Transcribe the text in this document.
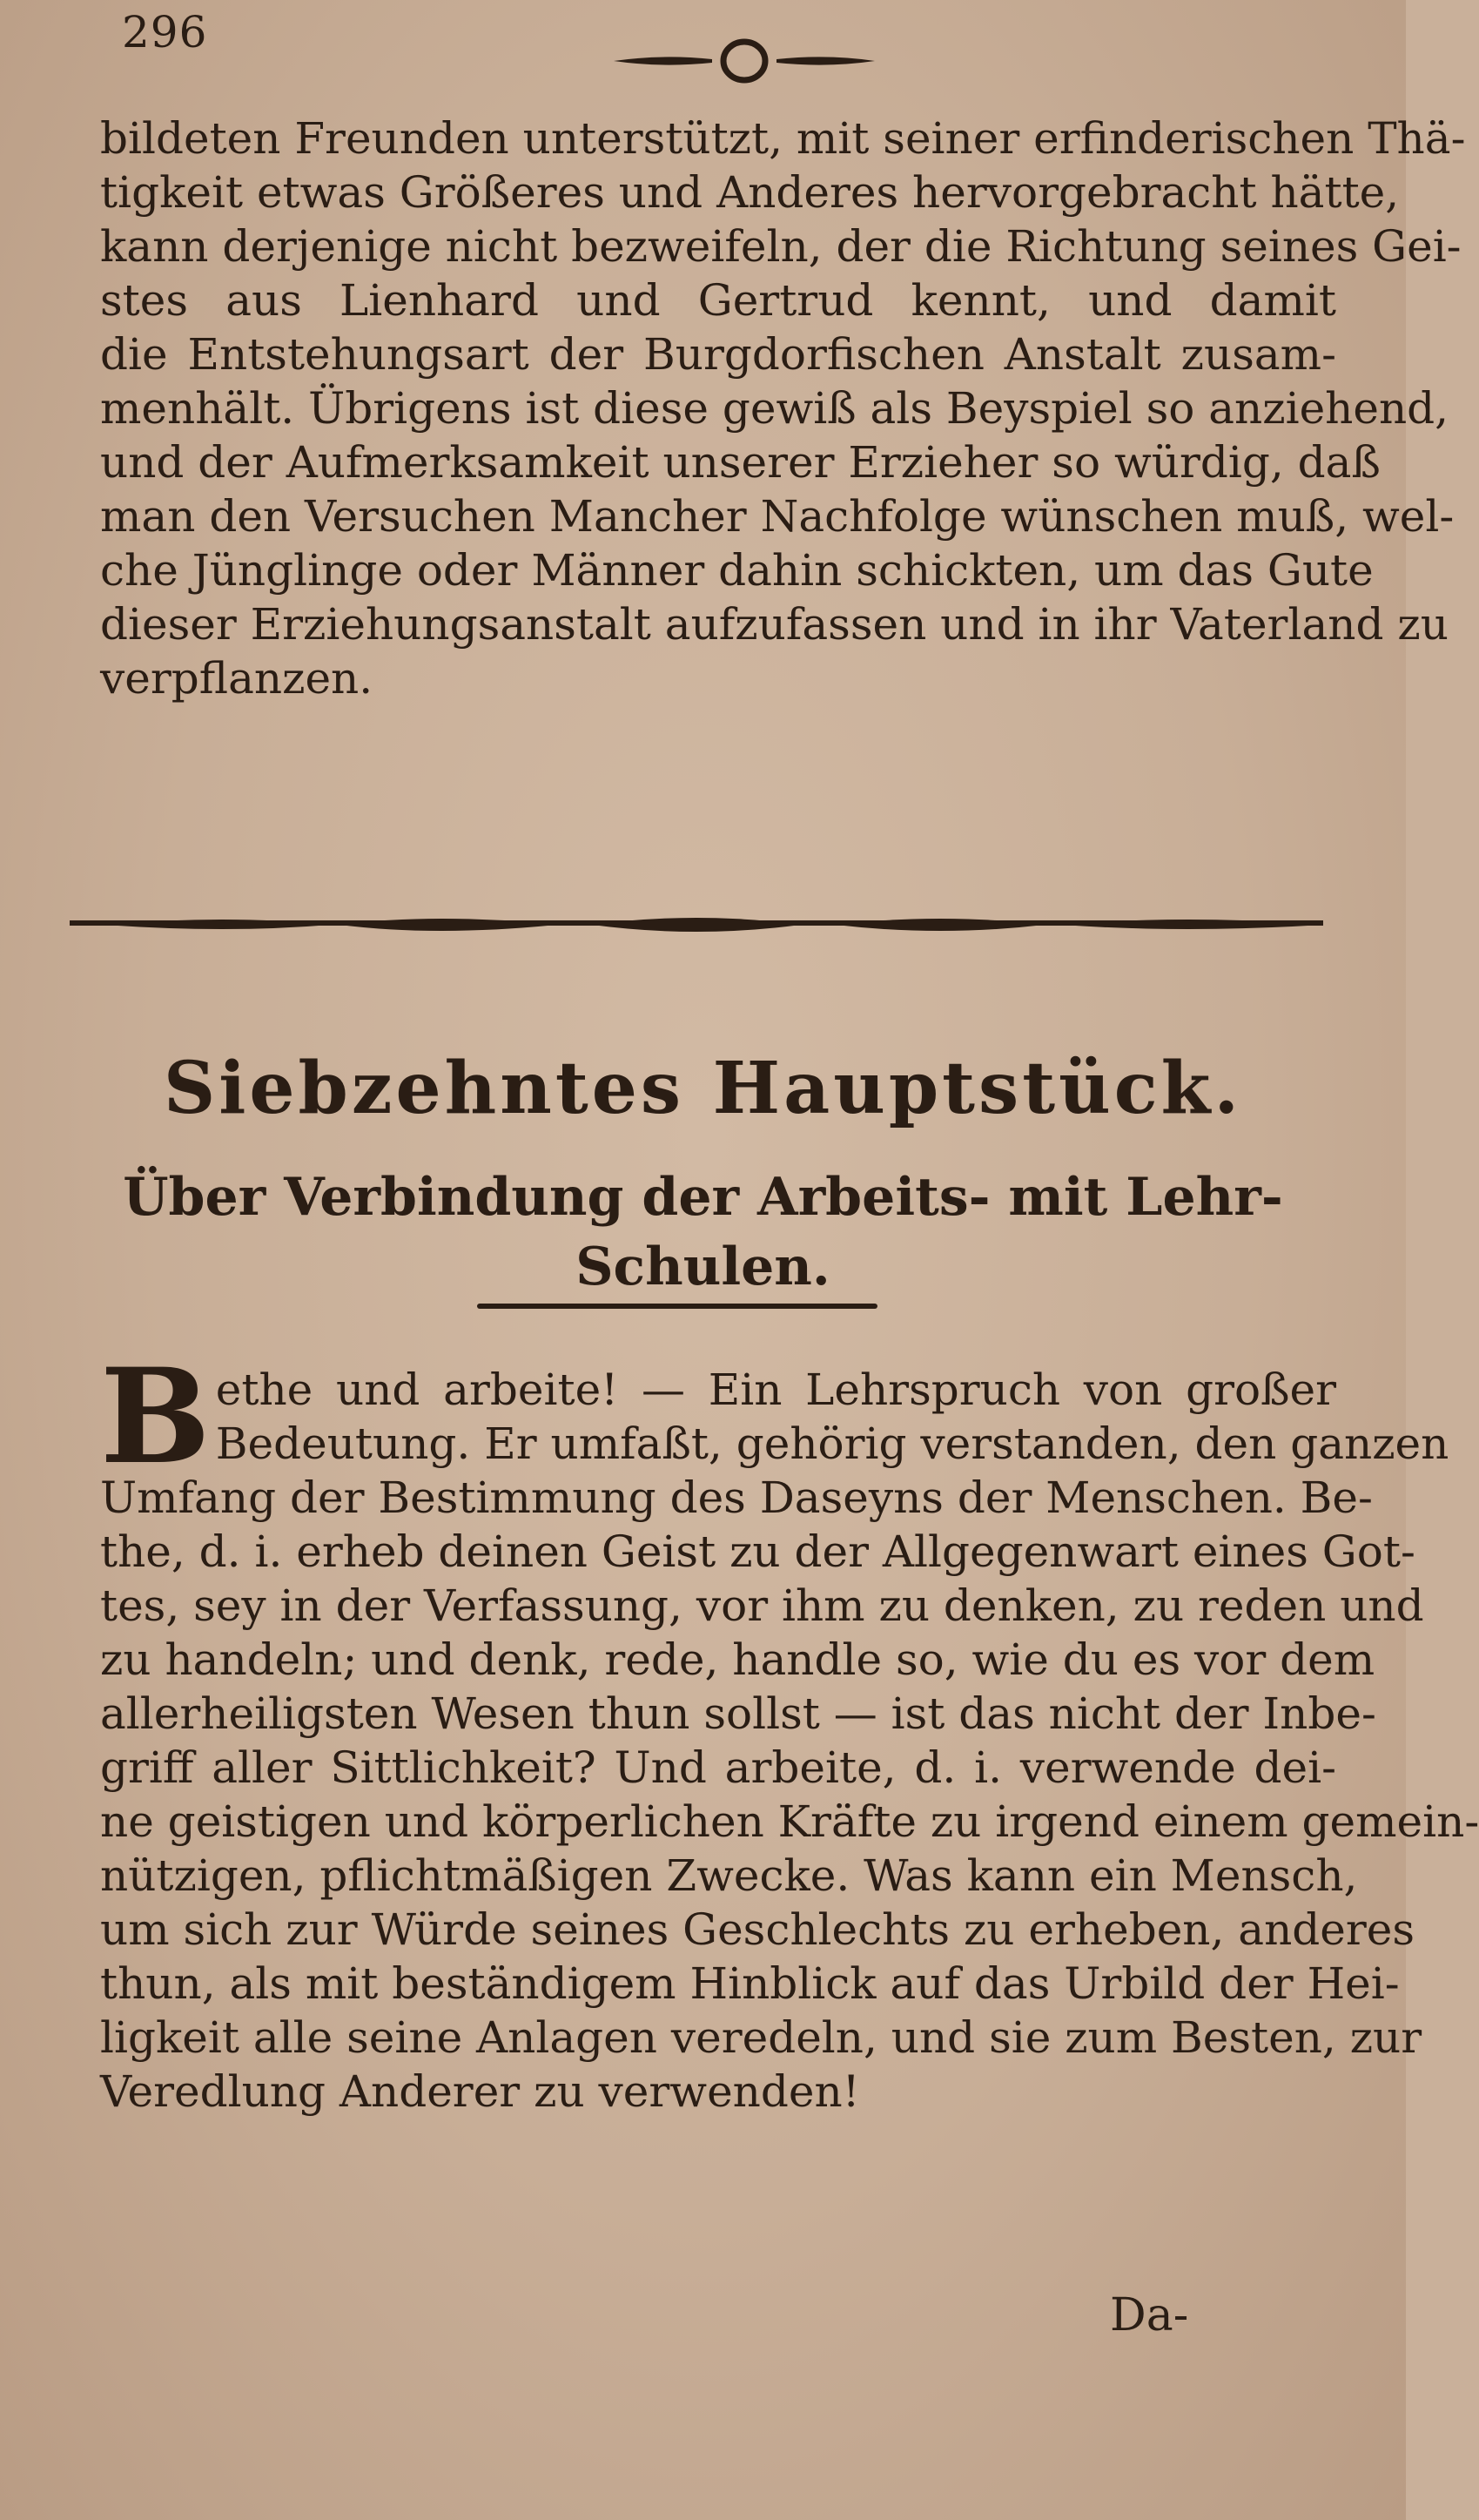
296
bildeten Freunden unterstützt, mit seiner erfinderischen Thä-
tigkeit etwas Größeres und Anderes hervorgebracht hätte,
kann derjenige nicht bezweifeln, der die Richtung seines Gei-
stes aus Lienhard und Gertrud kennt, und damit
die Entstehungsart der Burgdorfischen Anstalt zusam-
menhält. Übrigens ist diese gewiß als Beyspiel so anziehend,
und der Aufmerksamkeit unserer Erzieher so würdig, daß
man den Versuchen Mancher Nachfolge wünschen muß, wel-
che Jünglinge oder Männer dahin schickten, um das Gute
dieser Erziehungsanstalt aufzufassen und in ihr Vaterland zu
verpflanzen.
Siebzehntes Hauptstück.
Über Verbindung der Arbeits- mit Lehr-Schulen.
B ethe und arbeite! — Ein Lehrspruch von großer
Bedeutung. Er umfaßt, gehörig verstanden, den ganzen
Umfang der Bestimmung des Daseyns der Menschen. Be-
the, d. i. erheb deinen Geist zu der Allgegenwart eines Got-
tes, sey in der Verfassung, vor ihm zu denken, zu reden und
zu handeln; und denk, rede, handle so, wie du es vor dem
allerheiligsten Wesen thun sollst — ist das nicht der Inbe-
griff aller Sittlichkeit? Und arbeite, d. i. verwende dei-
ne geistigen und körperlichen Kräfte zu irgend einem gemein-
nützigen, pflichtmäßigen Zwecke. Was kann ein Mensch,
um sich zur Würde seines Geschlechts zu erheben, anderes
thun, als mit beständigem Hinblick auf das Urbild der Hei-
ligkeit alle seine Anlagen veredeln, und sie zum Besten, zur
Veredlung Anderer zu verwenden!
Da-
